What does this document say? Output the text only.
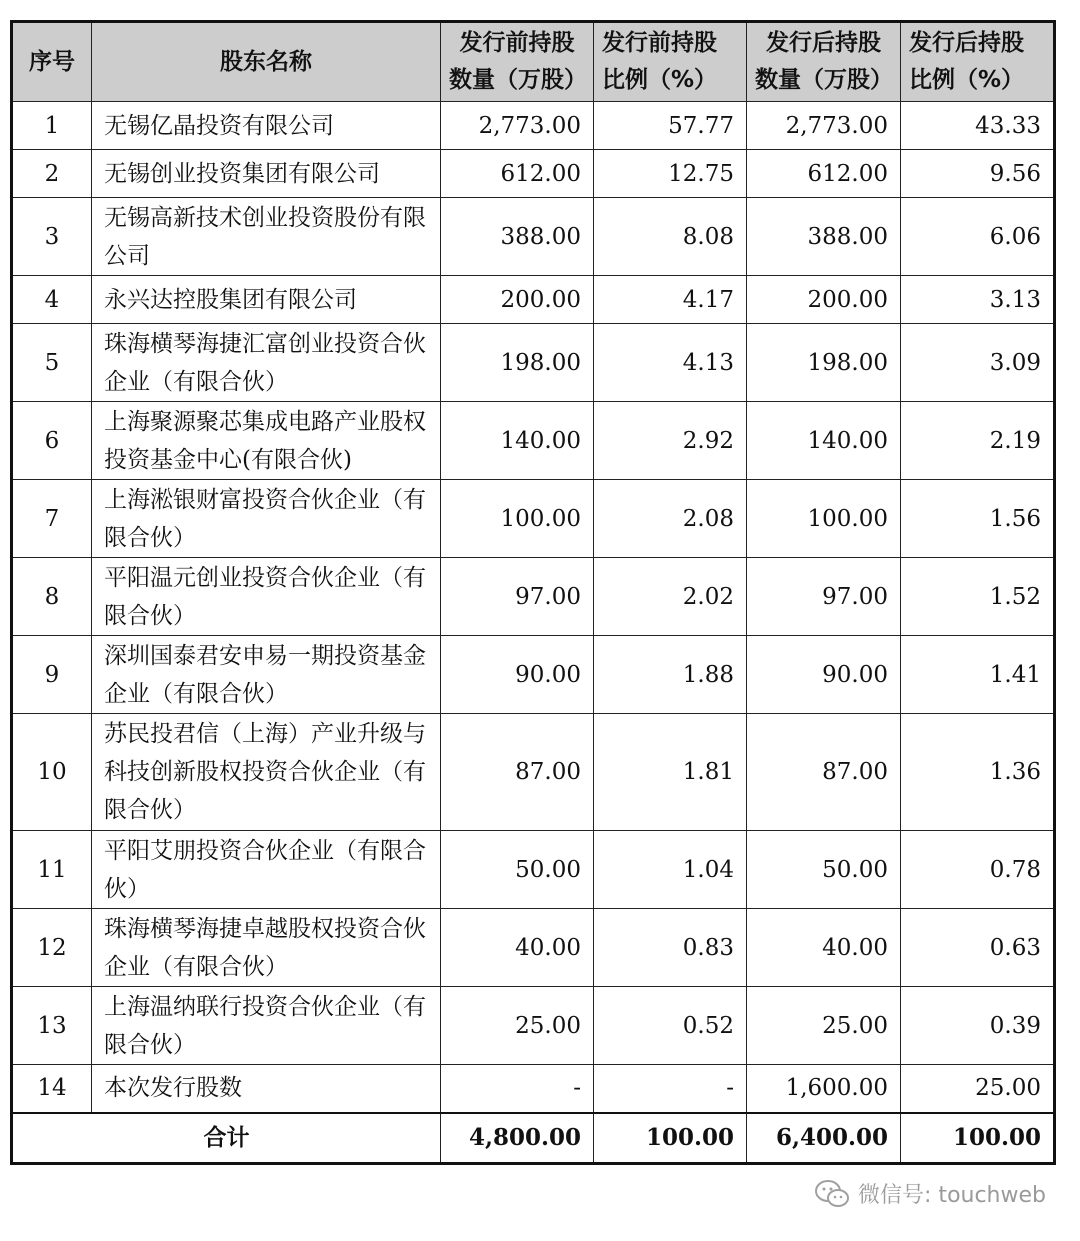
序号	股东名称	发行前持股数量（万股）	发行前持股比例（%）	发行后持股数量（万股）	发行后持股比例（%）
1	无锡亿晶投资有限公司	2,773.00	57.77	2,773.00	43.33
2	无锡创业投资集团有限公司	612.00	12.75	612.00	9.56
3	无锡高新技术创业投资股份有限公司	388.00	8.08	388.00	6.06
4	永兴达控股集团有限公司	200.00	4.17	200.00	3.13
5	珠海横琴海捷汇富创业投资合伙企业（有限合伙）	198.00	4.13	198.00	3.09
6	上海聚源聚芯集成电路产业股权投资基金中心(有限合伙)	140.00	2.92	140.00	2.19
7	上海淞银财富投资合伙企业（有限合伙）	100.00	2.08	100.00	1.56
8	平阳温元创业投资合伙企业（有限合伙）	97.00	2.02	97.00	1.52
9	深圳国泰君安申易一期投资基金企业（有限合伙）	90.00	1.88	90.00	1.41
10	苏民投君信（上海）产业升级与科技创新股权投资合伙企业（有限合伙）	87.00	1.81	87.00	1.36
11	平阳艾朋投资合伙企业（有限合伙）	50.00	1.04	50.00	0.78
12	珠海横琴海捷卓越股权投资合伙企业（有限合伙）	40.00	0.83	40.00	0.63
13	上海温纳联行投资合伙企业（有限合伙）	25.00	0.52	25.00	0.39
14	本次发行股数	-	-	1,600.00	25.00
合计		4,800.00	100.00	6,400.00	100.00
微信号: touchweb
